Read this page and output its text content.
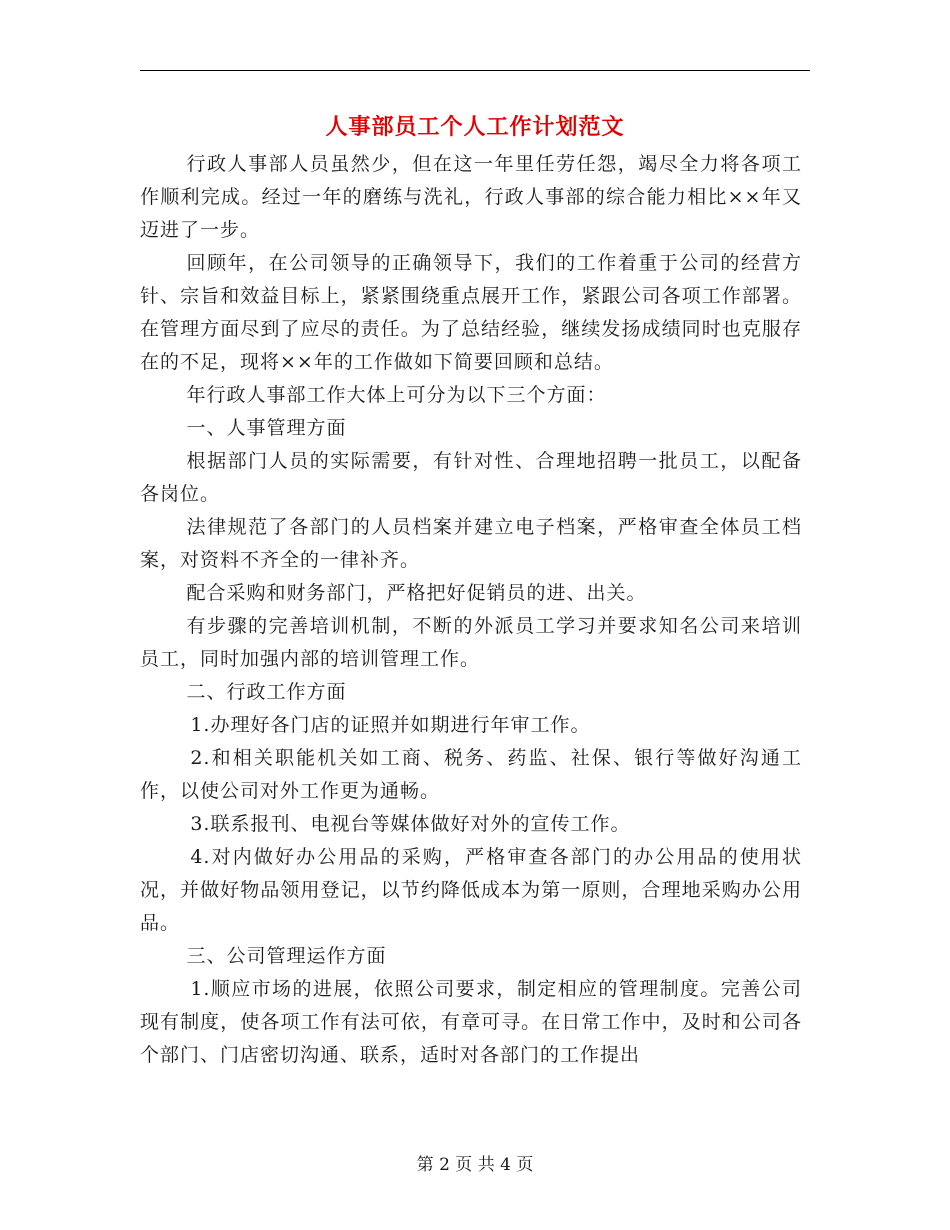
人事部员工个人工作计划范文

行政人事部人员虽然少，但在这一年里任劳任怨，竭尽全力将各项工作顺利完成。经过一年的磨练与洗礼，行政人事部的综合能力相比××年又迈进了一步。

回顾年，在公司领导的正确领导下，我们的工作着重于公司的经营方针、宗旨和效益目标上，紧紧围绕重点展开工作，紧跟公司各项工作部署。在管理方面尽到了应尽的责任。为了总结经验，继续发扬成绩同时也克服存在的不足，现将××年的工作做如下简要回顾和总结。

年行政人事部工作大体上可分为以下三个方面：

一、人事管理方面

根据部门人员的实际需要，有针对性、合理地招聘一批员工，以配备各岗位。

法律规范了各部门的人员档案并建立电子档案，严格审查全体员工档案，对资料不齐全的一律补齐。

配合采购和财务部门，严格把好促销员的进、出关。

有步骤的完善培训机制，不断的外派员工学习并要求知名公司来培训员工，同时加强内部的培训管理工作。

二、行政工作方面

1.办理好各门店的证照并如期进行年审工作。

2.和相关职能机关如工商、税务、药监、社保、银行等做好沟通工作，以使公司对外工作更为通畅。

3.联系报刊、电视台等媒体做好对外的宣传工作。

4.对内做好办公用品的采购，严格审查各部门的办公用品的使用状况，并做好物品领用登记，以节约降低成本为第一原则，合理地采购办公用品。

三、公司管理运作方面

1.顺应市场的进展，依照公司要求，制定相应的管理制度。完善公司现有制度，使各项工作有法可依，有章可寻。在日常工作中，及时和公司各个部门、门店密切沟通、联系，适时对各部门的工作提出

第 2 页 共 4 页
